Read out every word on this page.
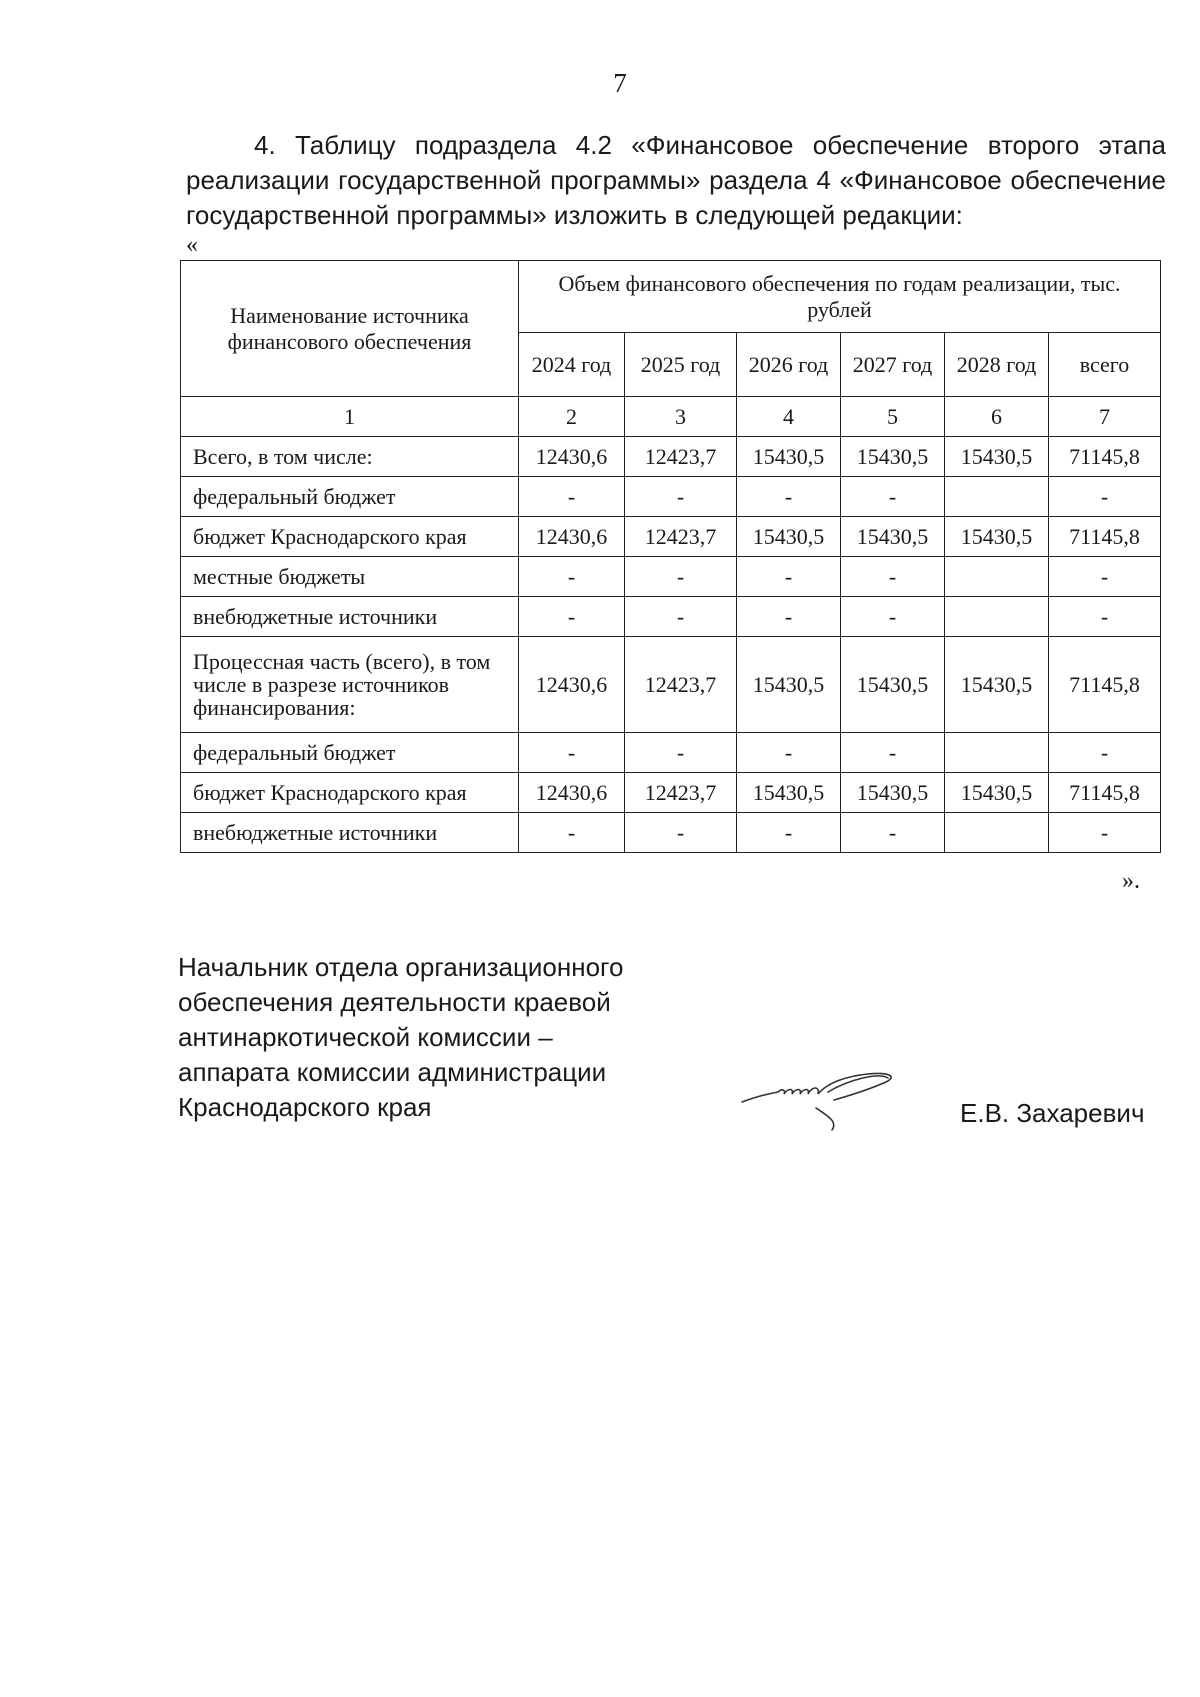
7

4. Таблицу подраздела 4.2 «Финансовое обеспечение второго этапа реализации государственной программы» раздела 4 «Финансовое обеспечение государственной программы» изложить в следующей редакции:

«
Наименование источника финансового обеспечения	Объем финансового обеспечения по годам реализации, тыс. рублей					
	2024 год	2025 год	2026 год	2027 год	2028 год	всего
1	2	3	4	5	6	7
Всего, в том числе:	12430,6	12423,7	15430,5	15430,5	15430,5	71145,8
федеральный бюджет	-	-	-	-		-
бюджет Краснодарского края	12430,6	12423,7	15430,5	15430,5	15430,5	71145,8
местные бюджеты	-	-	-	-		-
внебюджетные источники	-	-	-	-		-
Процессная часть (всего), в том числе в разрезе источников финансирования:	12430,6	12423,7	15430,5	15430,5	15430,5	71145,8
федеральный бюджет	-	-	-	-		-
бюджет Краснодарского края	12430,6	12423,7	15430,5	15430,5	15430,5	71145,8
внебюджетные источники	-	-	-	-		-
».
Начальник отдела организационного
обеспечения деятельности краевой
антинаркотической комиссии –
аппарата комиссии администрации
Краснодарского края	Е.В. Захаревич
